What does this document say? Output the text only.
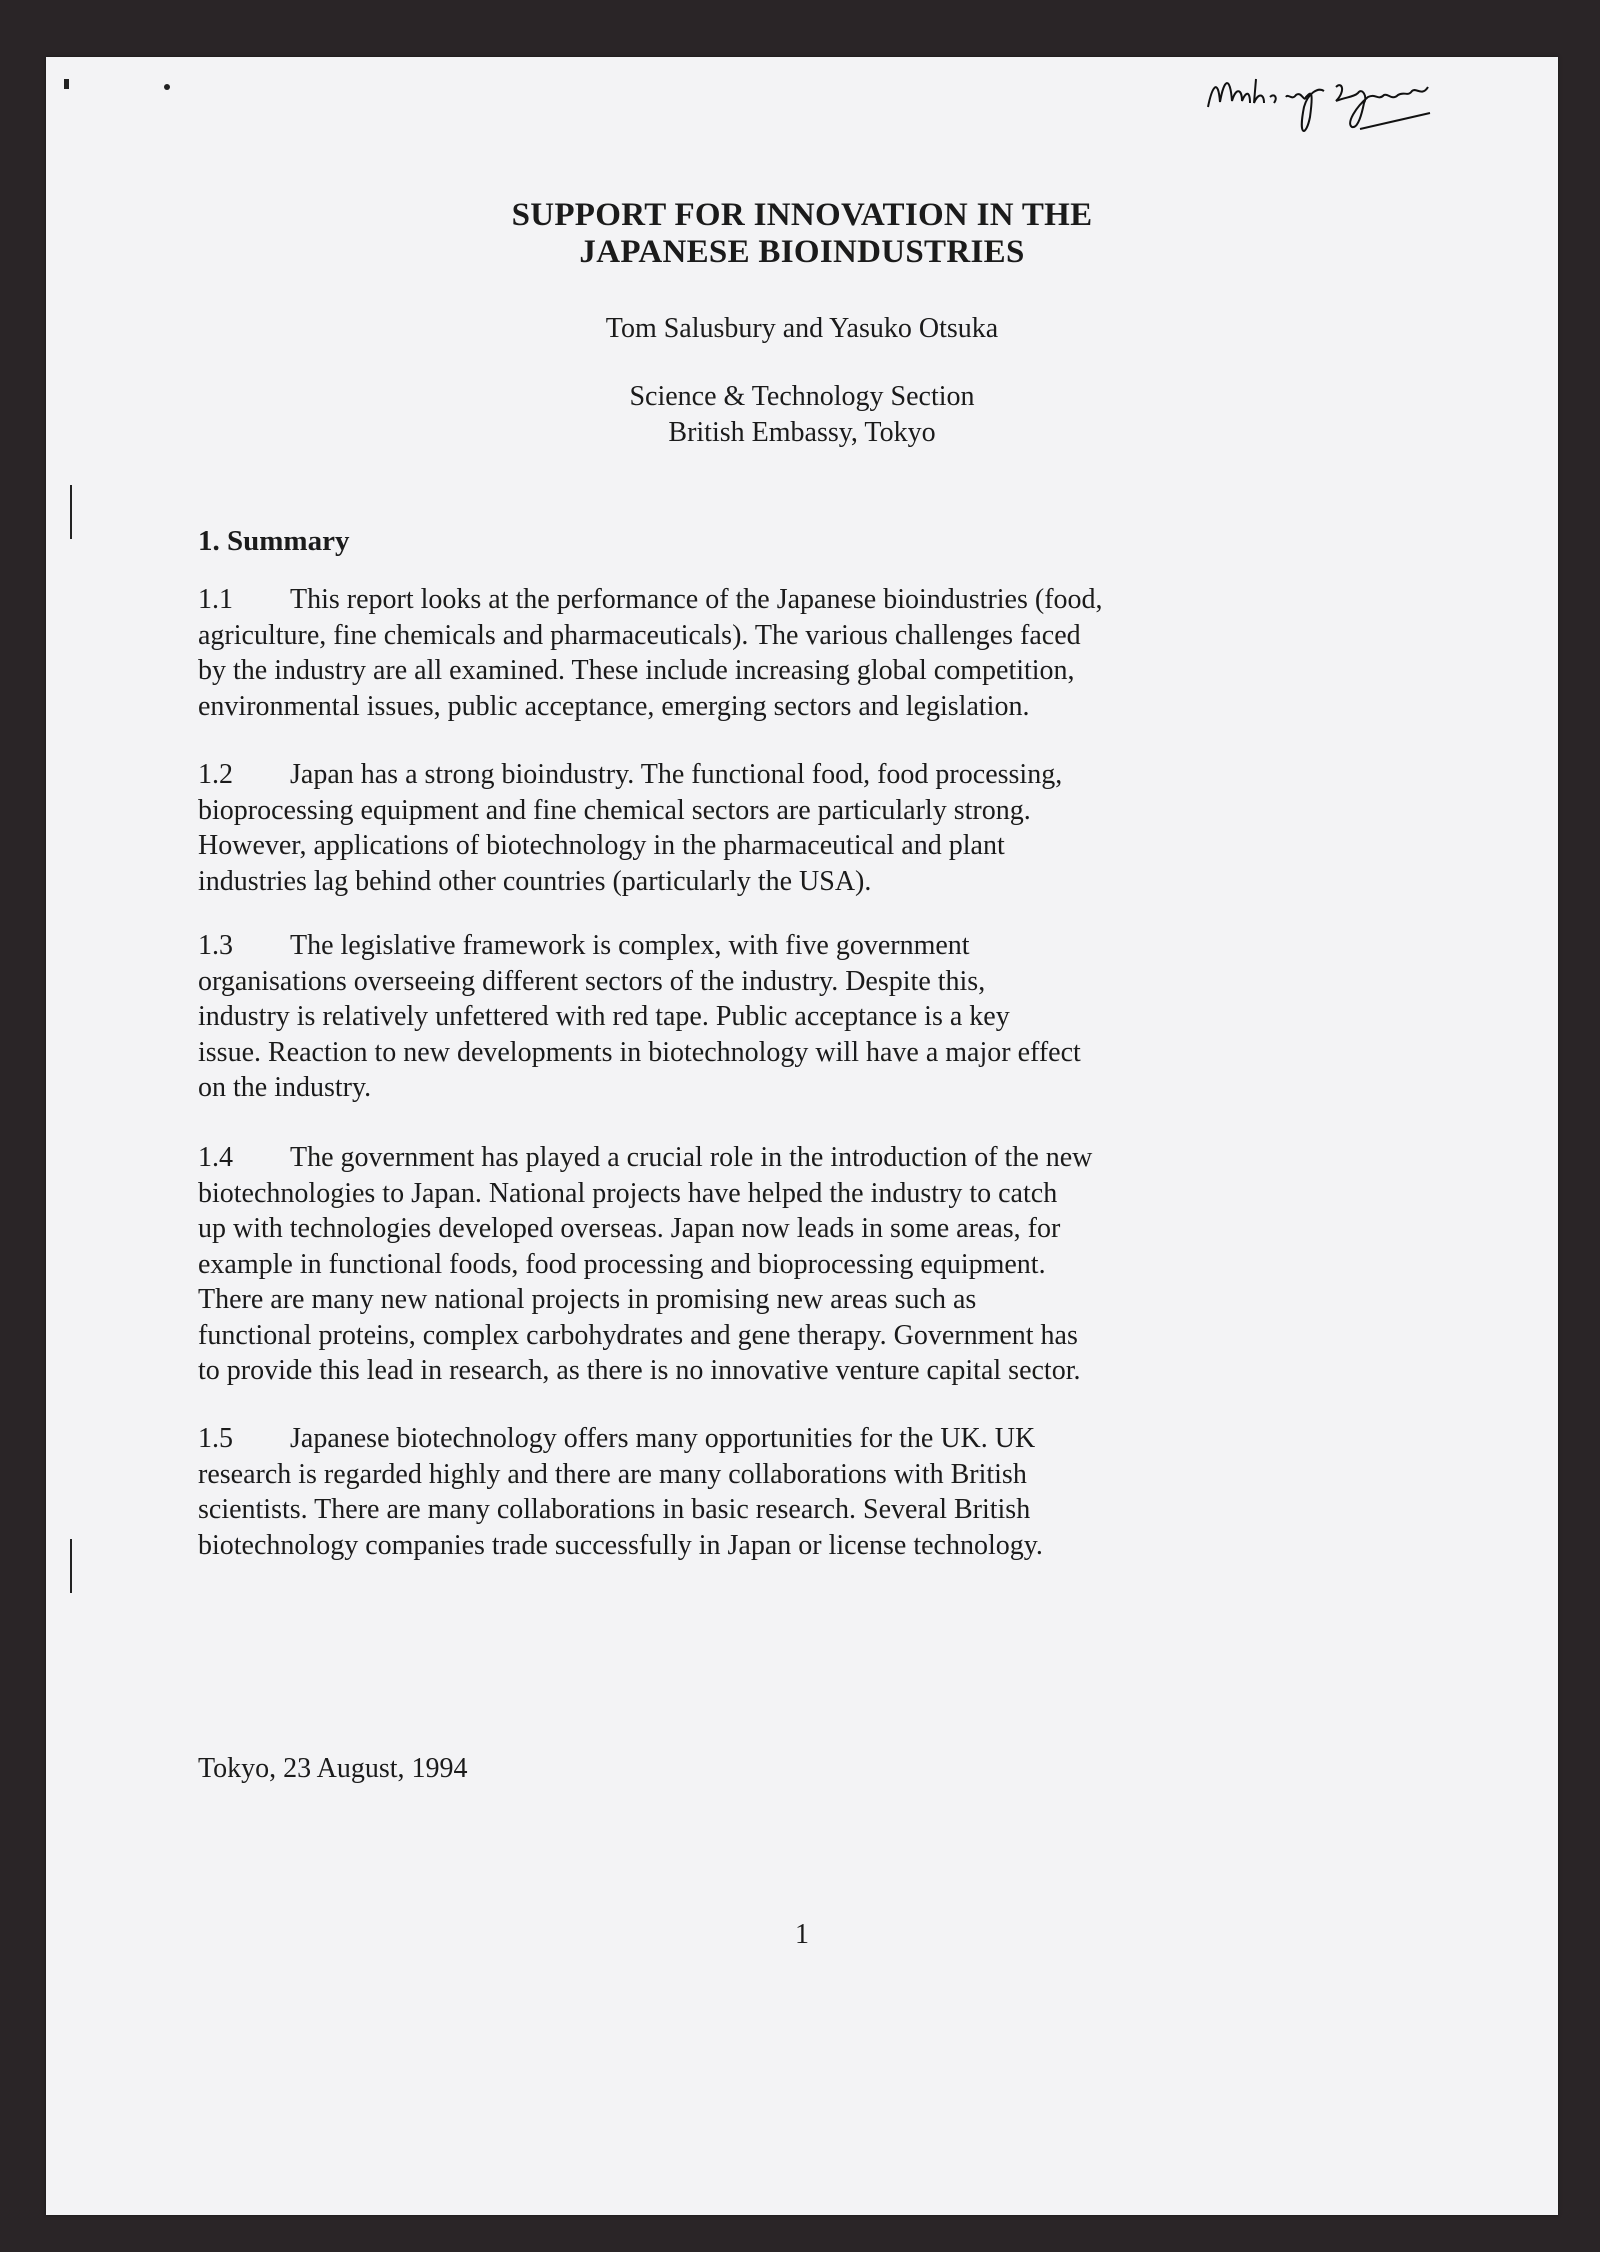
SUPPORT FOR INNOVATION IN THE
JAPANESE BIOINDUSTRIES
Tom Salusbury and Yasuko Otsuka
Science & Technology Section
British Embassy, Tokyo
1. Summary
1.1 This report looks at the performance of the Japanese bioindustries (food,
agriculture, fine chemicals and pharmaceuticals). The various challenges faced
by the industry are all examined. These include increasing global competition,
environmental issues, public acceptance, emerging sectors and legislation.
1.2 Japan has a strong bioindustry. The functional food, food processing,
bioprocessing equipment and fine chemical sectors are particularly strong.
However, applications of biotechnology in the pharmaceutical and plant
industries lag behind other countries (particularly the USA).
1.3 The legislative framework is complex, with five government
organisations overseeing different sectors of the industry. Despite this,
industry is relatively unfettered with red tape. Public acceptance is a key
issue. Reaction to new developments in biotechnology will have a major effect
on the industry.
1.4 The government has played a crucial role in the introduction of the new
biotechnologies to Japan. National projects have helped the industry to catch
up with technologies developed overseas. Japan now leads in some areas, for
example in functional foods, food processing and bioprocessing equipment.
There are many new national projects in promising new areas such as
functional proteins, complex carbohydrates and gene therapy. Government has
to provide this lead in research, as there is no innovative venture capital sector.
1.5 Japanese biotechnology offers many opportunities for the UK. UK
research is regarded highly and there are many collaborations with British
scientists. There are many collaborations in basic research. Several British
biotechnology companies trade successfully in Japan or license technology.
Tokyo, 23 August, 1994
1
